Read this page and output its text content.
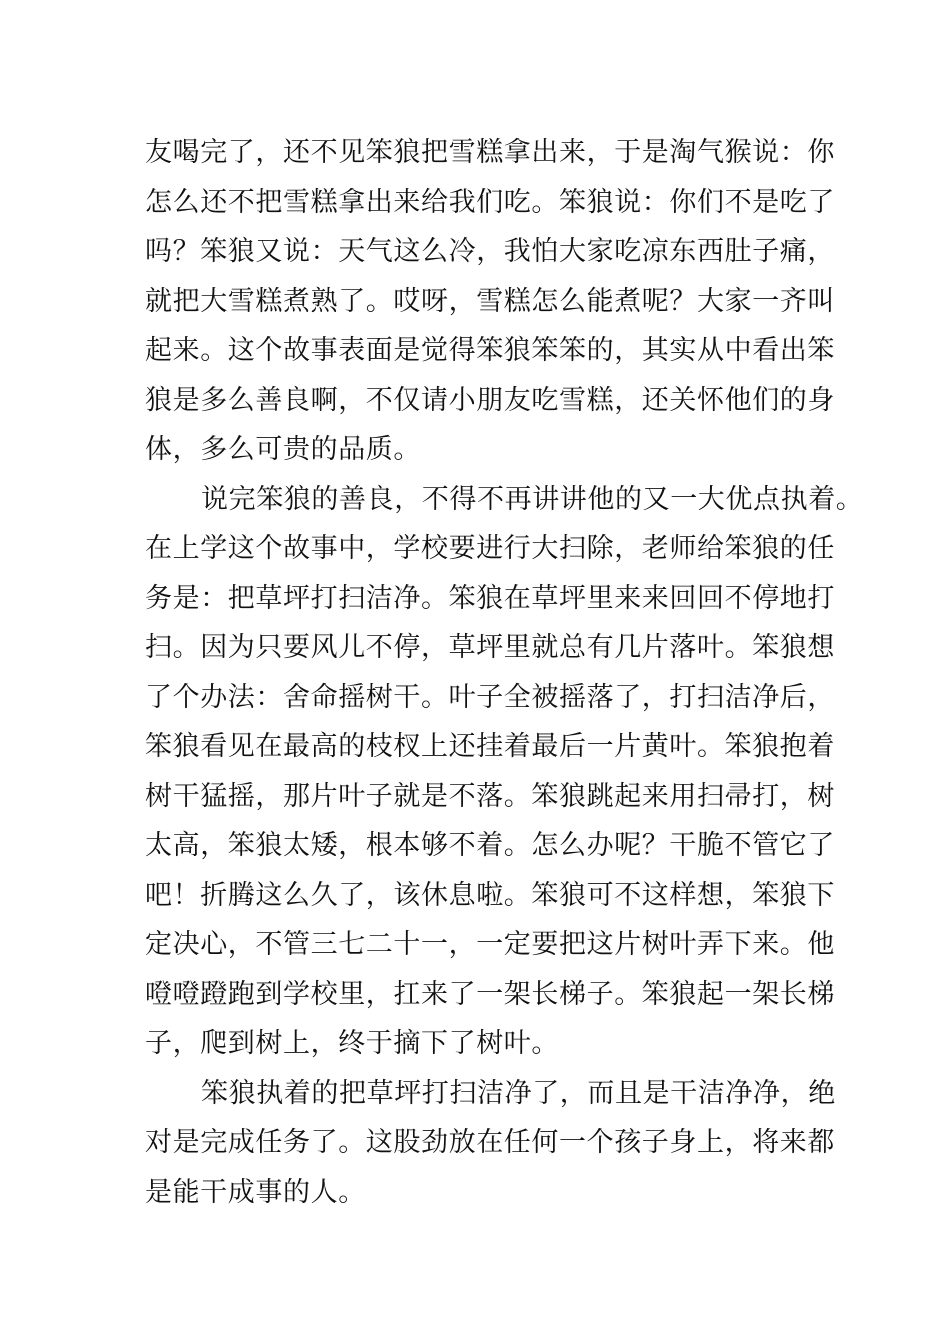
友喝完了，还不见笨狼把雪糕拿出来，于是淘气猴说：你
怎么还不把雪糕拿出来给我们吃。笨狼说：你们不是吃了
吗？笨狼又说：天气这么冷，我怕大家吃凉东西肚子痛，
就把大雪糕煮熟了。哎呀，雪糕怎么能煮呢？大家一齐叫
起来。这个故事表面是觉得笨狼笨笨的，其实从中看出笨
狼是多么善良啊，不仅请小朋友吃雪糕，还关怀他们的身
体，多么可贵的品质。
说完笨狼的善良，不得不再讲讲他的又一大优点执着。
在上学这个故事中，学校要进行大扫除，老师给笨狼的任
务是：把草坪打扫洁净。笨狼在草坪里来来回回不停地打
扫。因为只要风儿不停，草坪里就总有几片落叶。笨狼想
了个办法：舍命摇树干。叶子全被摇落了，打扫洁净后，
笨狼看见在最高的枝杈上还挂着最后一片黄叶。笨狼抱着
树干猛摇，那片叶子就是不落。笨狼跳起来用扫帚打，树
太高，笨狼太矮，根本够不着。怎么办呢？干脆不管它了
吧！折腾这么久了，该休息啦。笨狼可不这样想，笨狼下
定决心，不管三七二十一，一定要把这片树叶弄下来。他
噔噔蹬跑到学校里，扛来了一架长梯子。笨狼起一架长梯
子，爬到树上，终于摘下了树叶。
笨狼执着的把草坪打扫洁净了，而且是干洁净净，绝
对是完成任务了。这股劲放在任何一个孩子身上，将来都
是能干成事的人。
